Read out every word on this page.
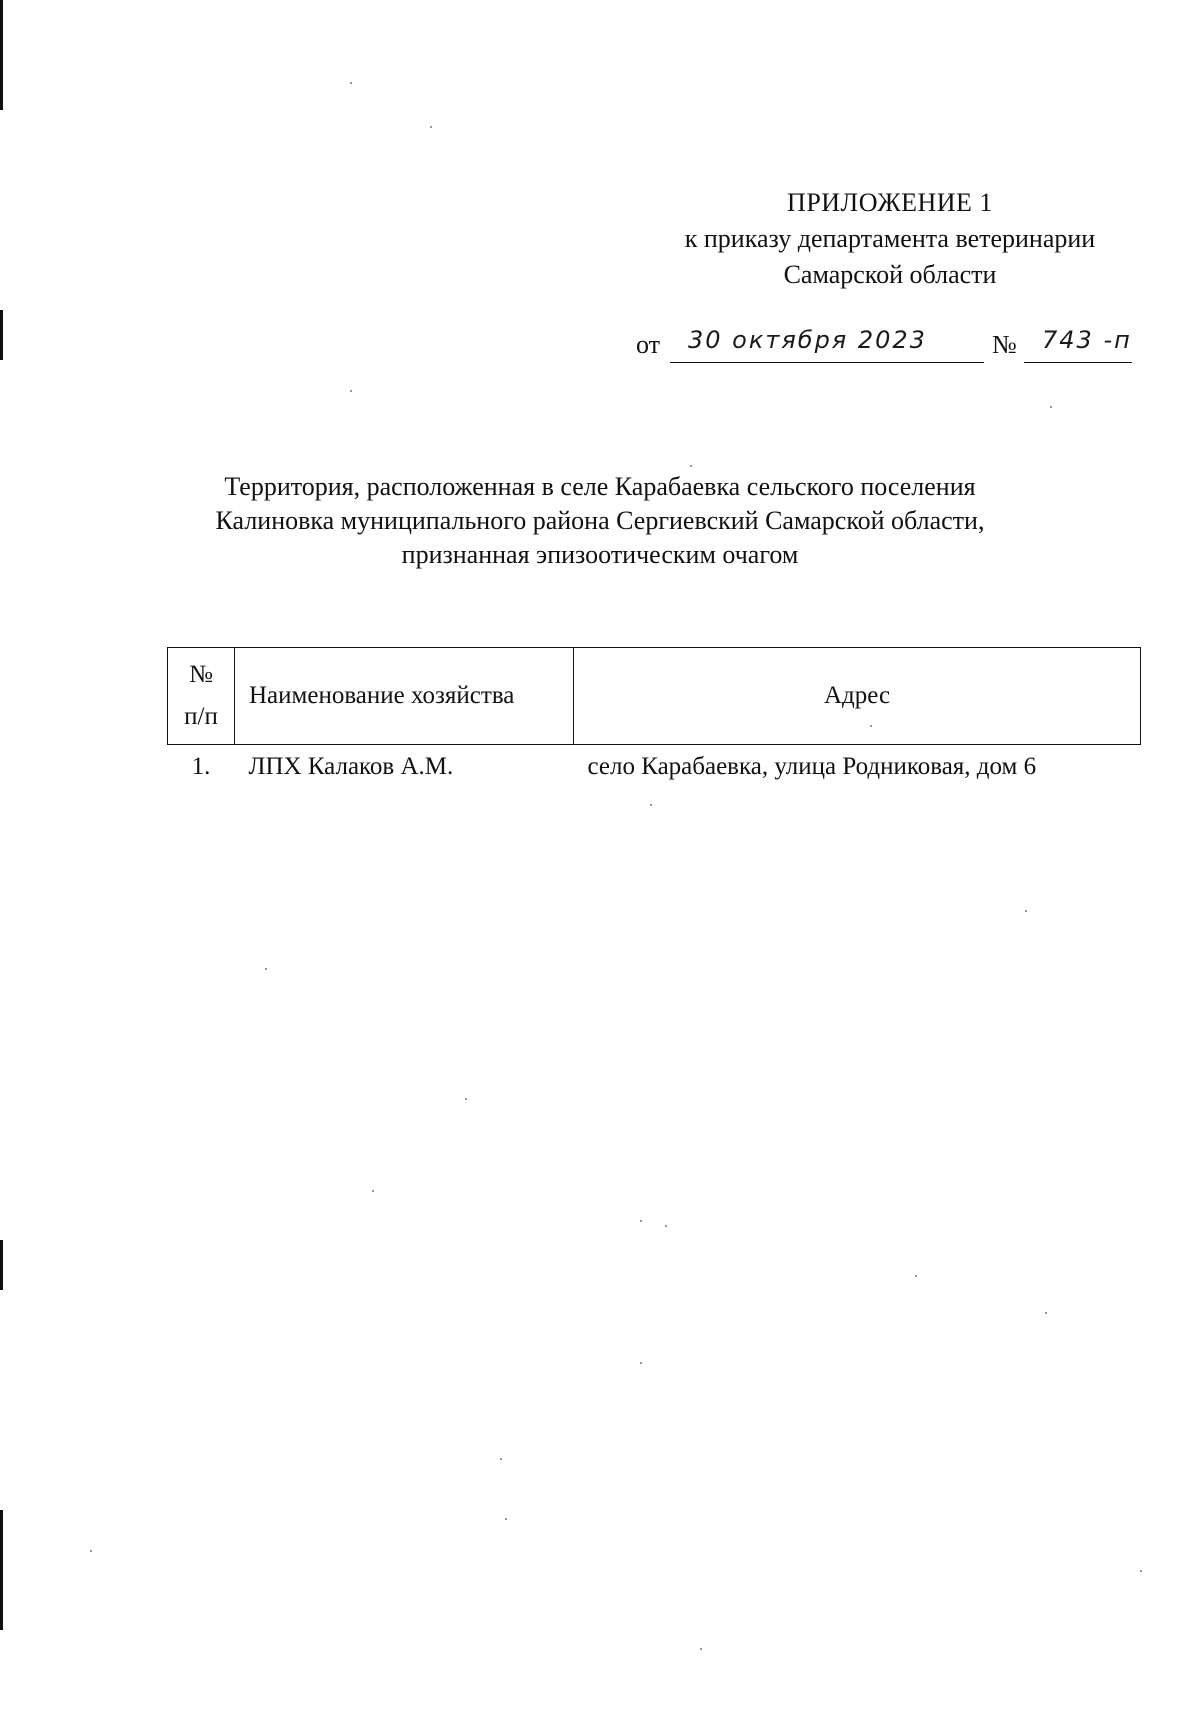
ПРИЛОЖЕНИЕ 1
к приказу департамента ветеринарии
Самарской области
от 30 октября 2023	№ 743 -п
Территория, расположенная в селе Карабаевка сельского поселения
Калиновка муниципального района Сергиевский Самарской области,
признанная эпизоотическим очагом
№
п/п	Наименование хозяйства	Адрес
1.	ЛПХ Калаков А.М.	село Карабаевка, улица Родниковая, дом 6
